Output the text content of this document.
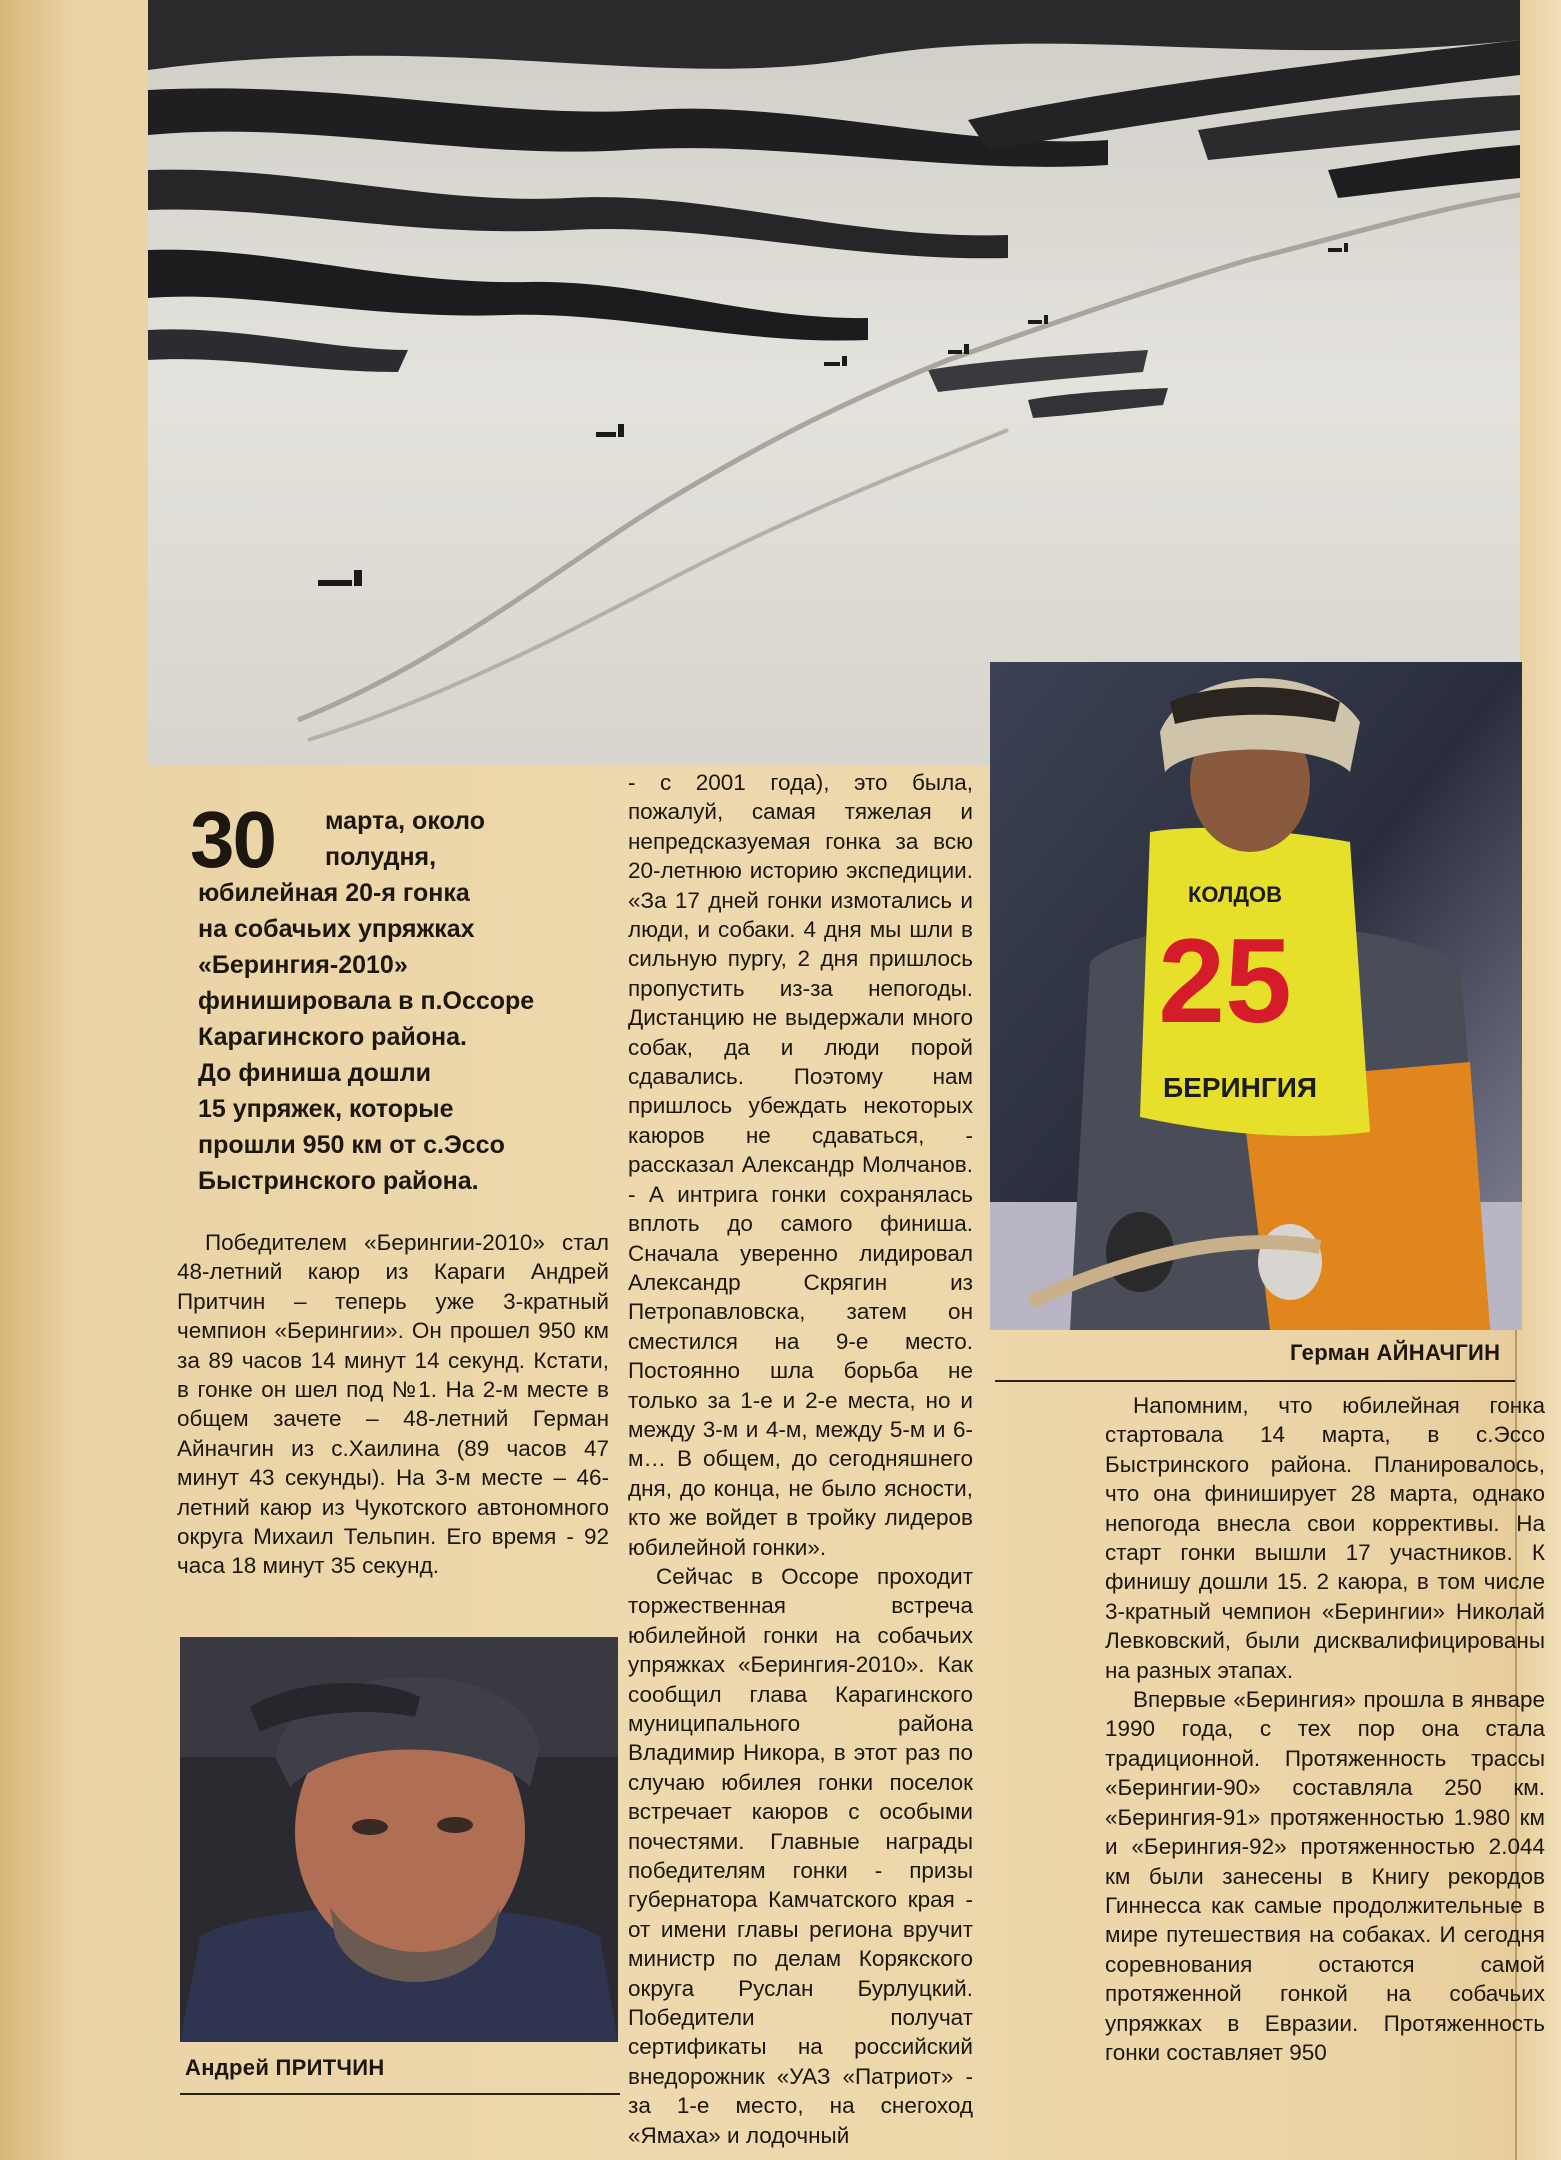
25
КОЛДОВ
БЕРИНГИЯ
30 марта, около
полудня,
юбилейная 20-я гонка
на собачьих упряжках
«Берингия-2010»
финишировала в п.Оссоре
Карагинского района.
До финиша дошли
15 упряжек, которые
прошли 950 км от с.Эссо
Быстринского района.

Победителем «Берингии-2010» стал 48-летний каюр из Караги Андрей Притчин – теперь уже 3-кратный чемпион «Берингии». Он прошел 950 км за 89 часов 14 минут 14 секунд. Кстати, в гонке он шел под №1. На 2-м месте в общем зачете – 48-летний Герман Айначгин из с.Хаилина (89 часов 47 минут 43 секунды). На 3-м месте – 46-летний каюр из Чукотского автономного округа Михаил Тельпин. Его время - 92 часа 18 минут 35 секунд.

- с 2001 года), это была, пожалуй, самая тяжелая и непредсказуемая гонка за всю 20-летнюю историю экспедиции. «За 17 дней гонки измотались и люди, и собаки. 4 дня мы шли в сильную пургу, 2 дня пришлось пропустить из-за непогоды. Дистанцию не выдержали много собак, да и люди порой сдавались. Поэтому нам пришлось убеждать некоторых каюров не сдаваться, - рассказал Александр Молчанов. - А интрига гонки сохранялась вплоть до самого финиша. Сначала уверенно лидировал Александр Скрягин из Петропавловска, затем он сместился на 9-е место. Постоянно шла борьба не только за 1-е и 2-е места, но и между 3-м и 4-м, между 5-м и 6-м… В общем, до сегодняшнего дня, до конца, не было ясности, кто же войдет в тройку лидеров юбилейной гонки».

Сейчас в Оссоре проходит торжественная встреча юбилейной гонки на собачьих упряжках «Берингия-2010». Как сообщил глава Карагинского муниципального района Владимир Никора, в этот раз по случаю юбилея гонки поселок встречает каюров с особыми почестями. Главные награды победителям гонки - призы губернатора Камчатского края - от имени главы региона вручит министр по делам Корякского округа Руслан Бурлуцкий. Победители получат сертификаты на российский внедорожник «УАЗ «Патриот» - за 1-е место, на снегоход «Ямаха» и лодочный

Напомним, что юбилейная гонка стартовала 14 марта, в с.Эссо Быстринского района. Планировалось, что она финиширует 28 марта, однако непогода внесла свои коррективы. На старт гонки вышли 17 участников. К финишу дошли 15. 2 каюра, в том числе 3-кратный чемпион «Берингии» Николай Левковский, были дисквалифицированы на разных этапах.

Впервые «Берингия» прошла в январе 1990 года, с тех пор она стала традиционной. Протяженность трассы «Берингии-90» составляла 250 км. «Берингия-91» протяженностью 1.980 км и «Берингия-92» протяженностью 2.044 км были занесены в Книгу рекордов Гиннесса как самые продолжительные в мире путешествия на собаках. И сегодня соревнования остаются самой протяженной гонкой на собачьих упряжках в Евразии. Протяженность гонки составляет 950

Герман АЙНАЧГИН
Андрей ПРИТЧИН
